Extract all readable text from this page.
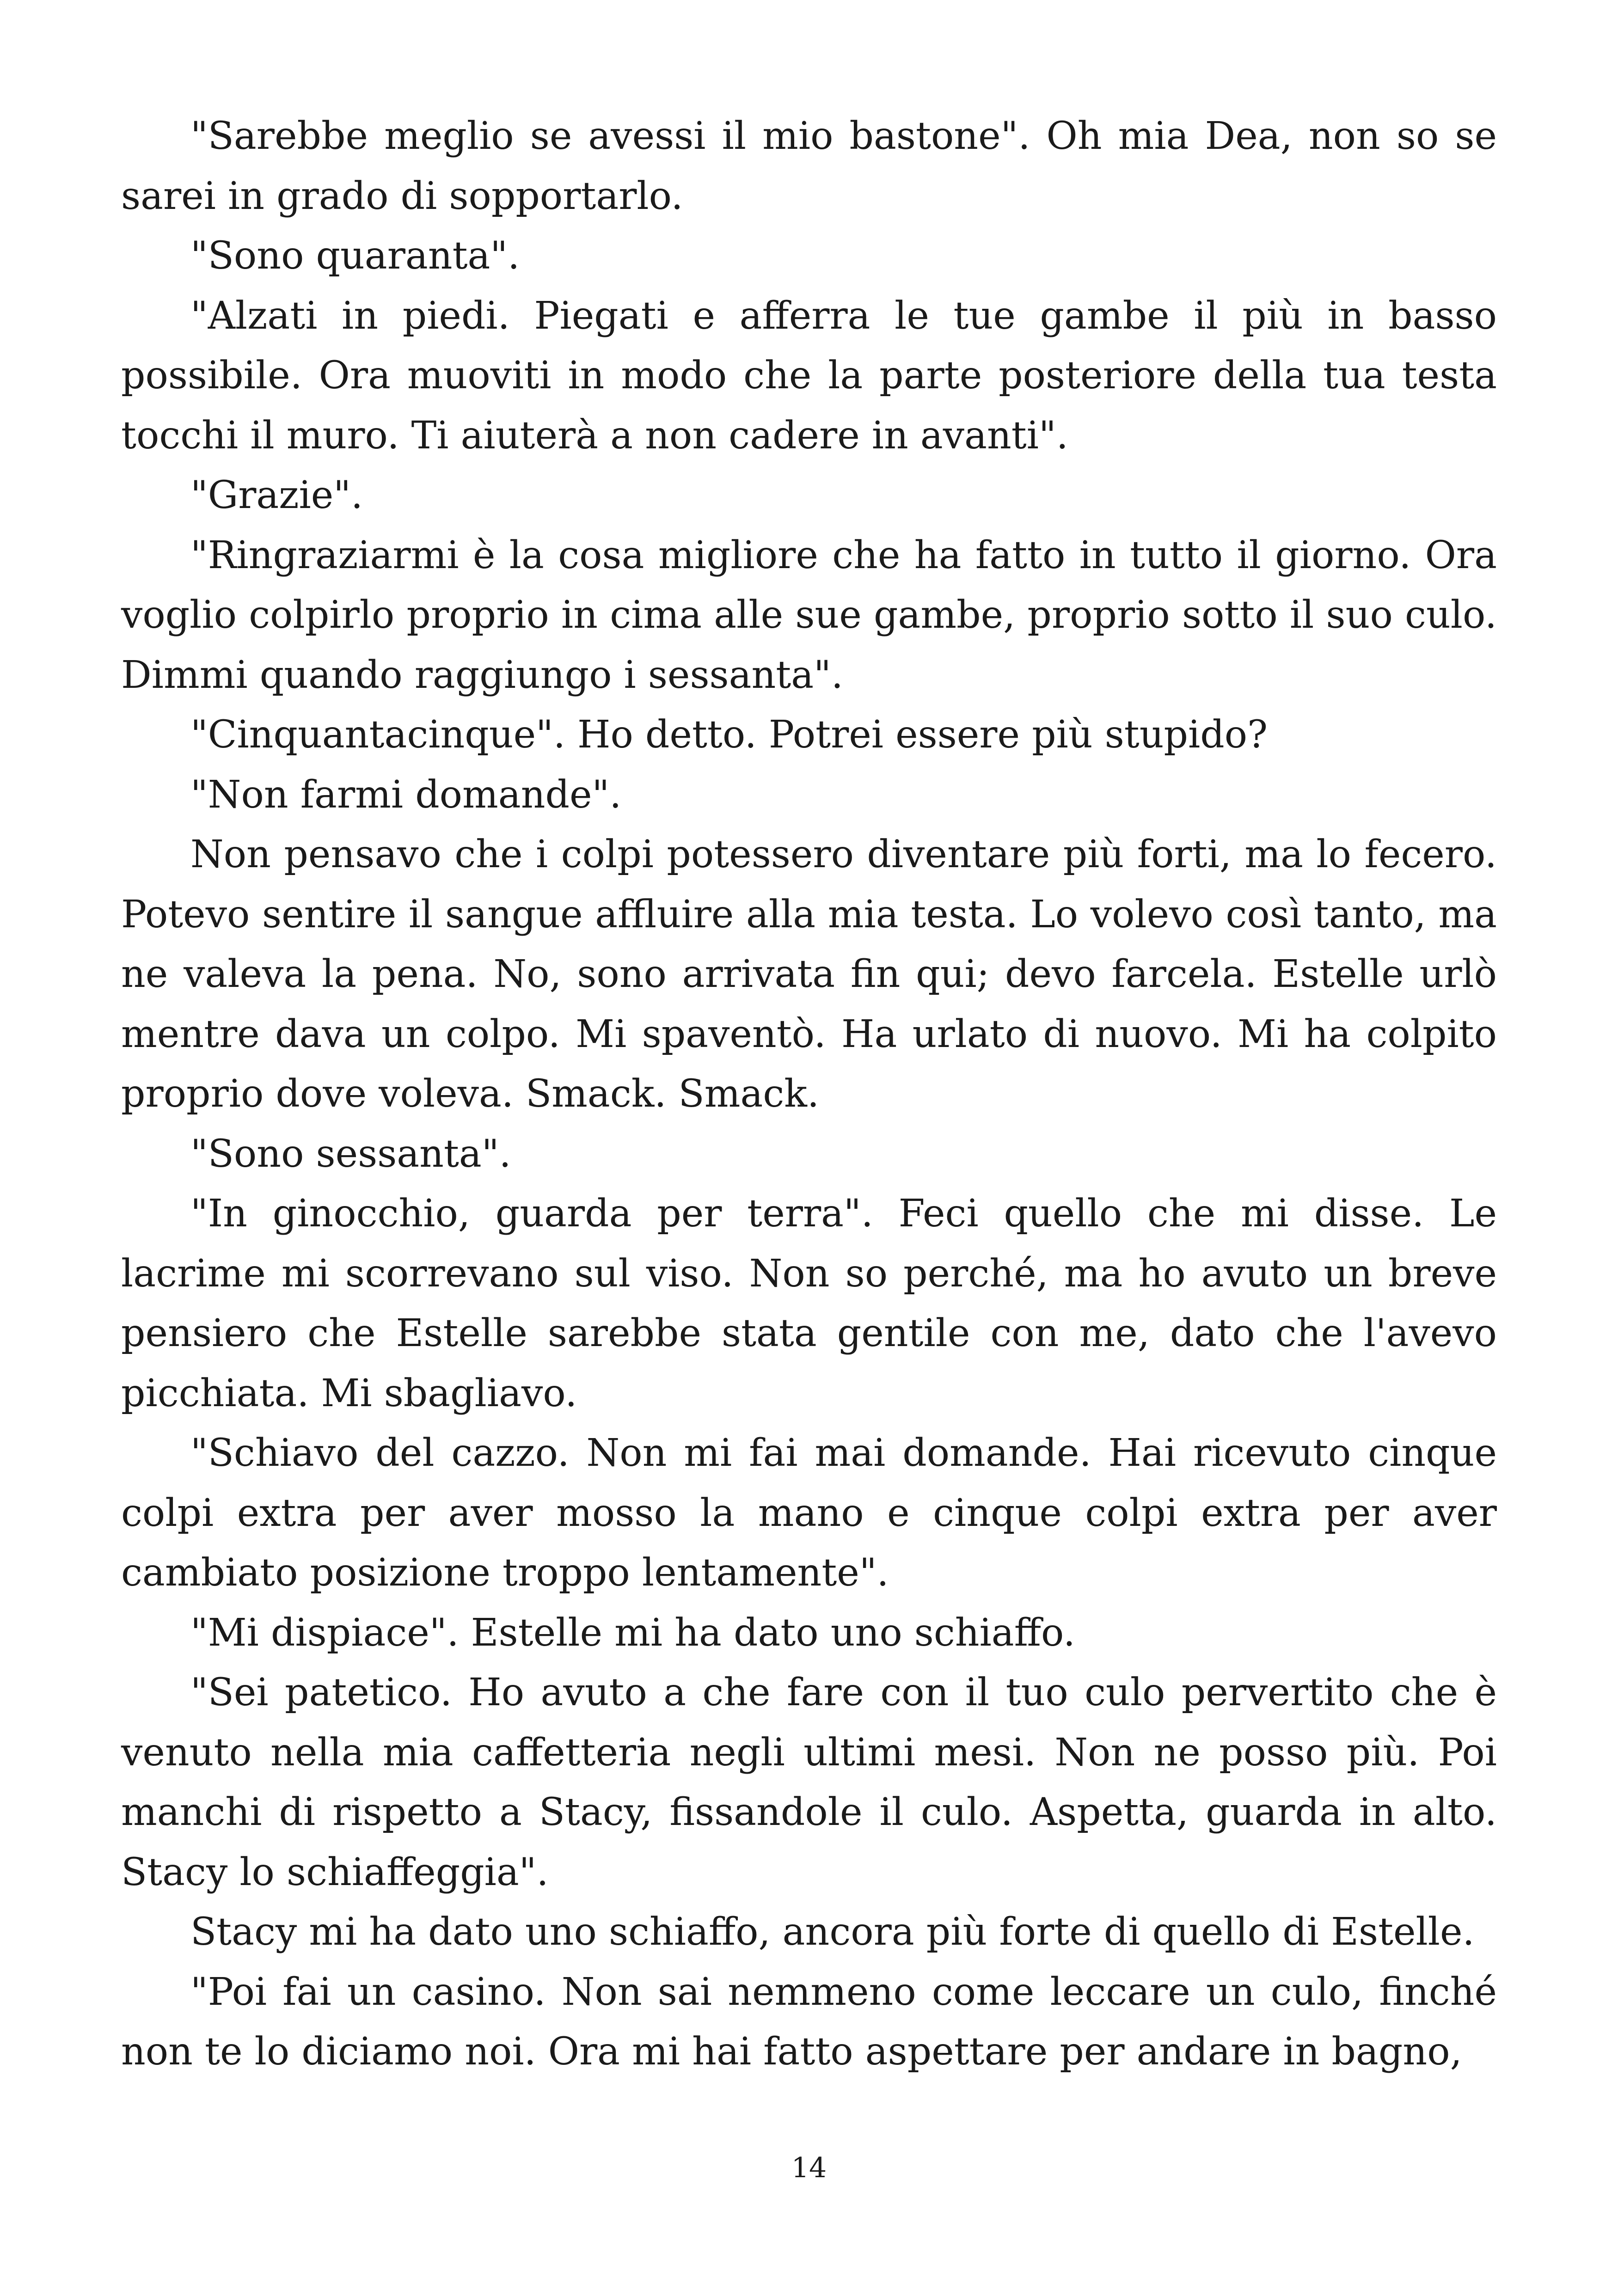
"Sarebbe meglio se avessi il mio bastone". Oh mia Dea, non so se sarei in grado di sopportarlo.

"Sono quaranta".

"Alzati in piedi. Piegati e afferra le tue gambe il più in basso possibile. Ora muoviti in modo che la parte posteriore della tua testa tocchi il muro. Ti aiuterà a non cadere in avanti".

"Grazie".

"Ringraziarmi è la cosa migliore che ha fatto in tutto il giorno. Ora voglio colpirlo proprio in cima alle sue gambe, proprio sotto il suo culo. Dimmi quando raggiungo i sessanta".

"Cinquantacinque". Ho detto. Potrei essere più stupido?

"Non farmi domande".

Non pensavo che i colpi potessero diventare più forti, ma lo fecero. Potevo sentire il sangue affluire alla mia testa. Lo volevo così tanto, ma ne valeva la pena. No, sono arrivata fin qui; devo farcela. Estelle urlò mentre dava un colpo. Mi spaventò. Ha urlato di nuovo. Mi ha colpito proprio dove voleva. Smack. Smack.

"Sono sessanta".

"In ginocchio, guarda per terra". Feci quello che mi disse. Le lacrime mi scorrevano sul viso. Non so perché, ma ho avuto un breve pensiero che Estelle sarebbe stata gentile con me, dato che l'avevo picchiata. Mi sbagliavo.

"Schiavo del cazzo. Non mi fai mai domande. Hai ricevuto cinque colpi extra per aver mosso la mano e cinque colpi extra per aver cambiato posizione troppo lentamente".

"Mi dispiace". Estelle mi ha dato uno schiaffo.

"Sei patetico. Ho avuto a che fare con il tuo culo pervertito che è venuto nella mia caffetteria negli ultimi mesi. Non ne posso più. Poi manchi di rispetto a Stacy, fissandole il culo. Aspetta, guarda in alto. Stacy lo schiaffeggia".

Stacy mi ha dato uno schiaffo, ancora più forte di quello di Estelle.

"Poi fai un casino. Non sai nemmeno come leccare un culo, finché non te lo diciamo noi. Ora mi hai fatto aspettare per andare in bagno,

14
